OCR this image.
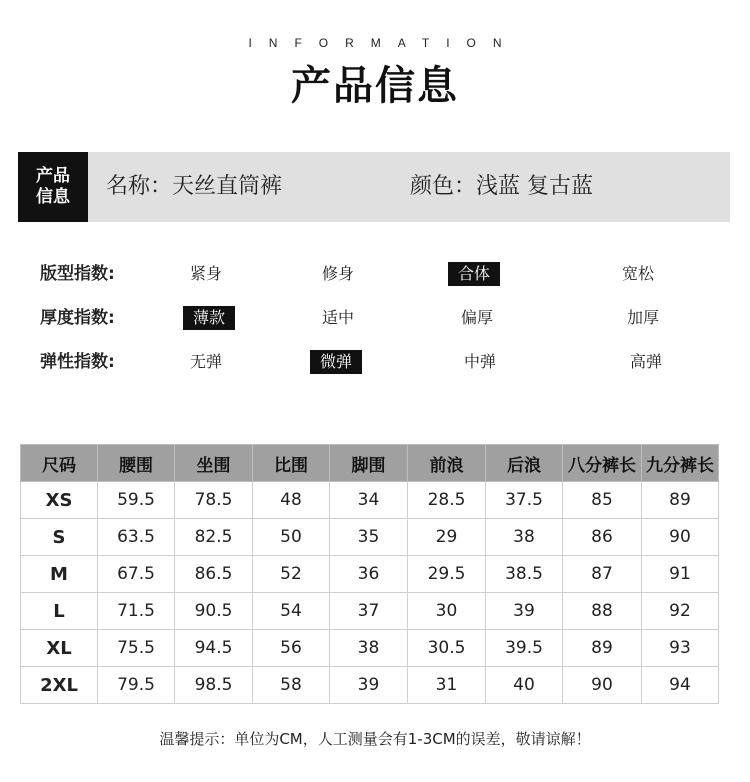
INFORMATION
产品信息
产品
信息 名称：天丝直筒裤	颜色：浅蓝 复古蓝
版型指数:	紧身	修身	合体	宽松
厚度指数:	薄款	适中	偏厚	加厚
弹性指数:	无弹	微弹	中弹	高弹
尺码	腰围	坐围	比围	脚围	前浪	后浪	八分裤长	九分裤长
XS	59.5	78.5	48	34	28.5	37.5	85	89
S	63.5	82.5	50	35	29	38	86	90
M	67.5	86.5	52	36	29.5	38.5	87	91
L	71.5	90.5	54	37	30	39	88	92
XL	75.5	94.5	56	38	30.5	39.5	89	93
2XL	79.5	98.5	58	39	31	40	90	94
温馨提示：单位为CM，人工测量会有1-3CM的误差，敬请谅解！
